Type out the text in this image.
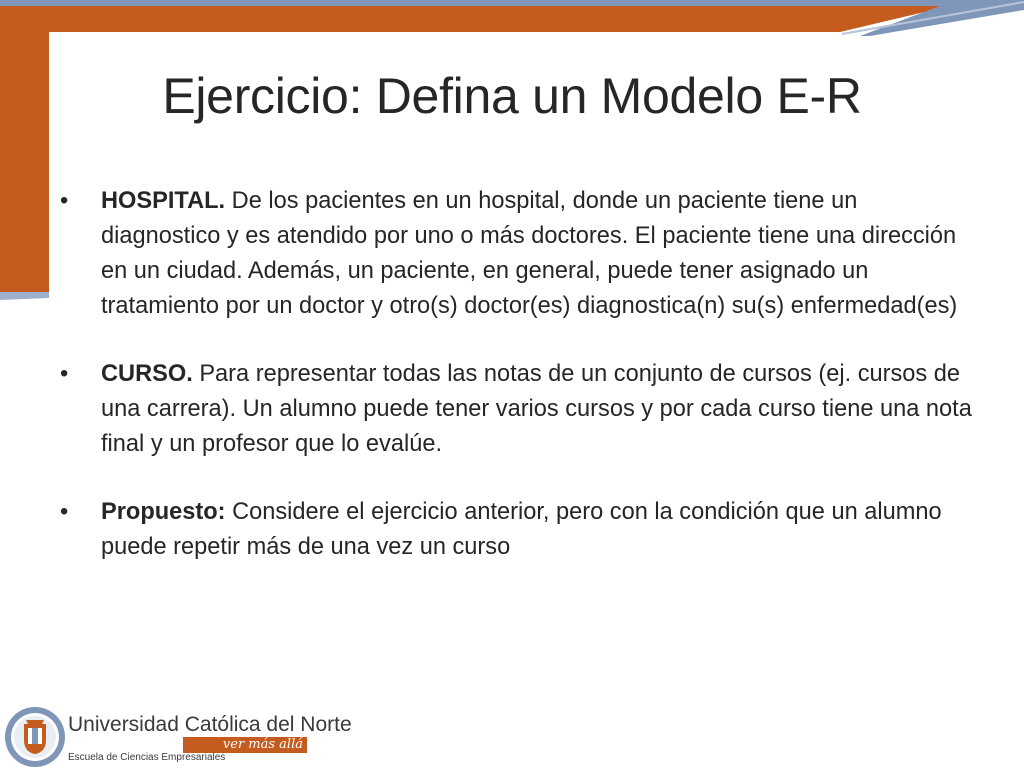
Ejercicio: Defina un Modelo E-R
• HOSPITAL. De los pacientes en un hospital, donde un paciente tiene un diagnostico y es atendido por uno o más doctores. El paciente tiene una dirección en un ciudad. Además, un paciente, en general, puede tener asignado un tratamiento por un doctor y otro(s) doctor(es) diagnostica(n) su(s) enfermedad(es)
• CURSO. Para representar todas las notas de un conjunto de cursos (ej. cursos de una carrera). Un alumno puede tener varios cursos y por cada curso tiene una nota final y un profesor que lo evalúe.
• Propuesto: Considere el ejercicio anterior, pero con la condición que un alumno puede repetir más de una vez un curso
Universidad Católica del Norte
ver más allá
Escuela de Ciencias Empresariales
